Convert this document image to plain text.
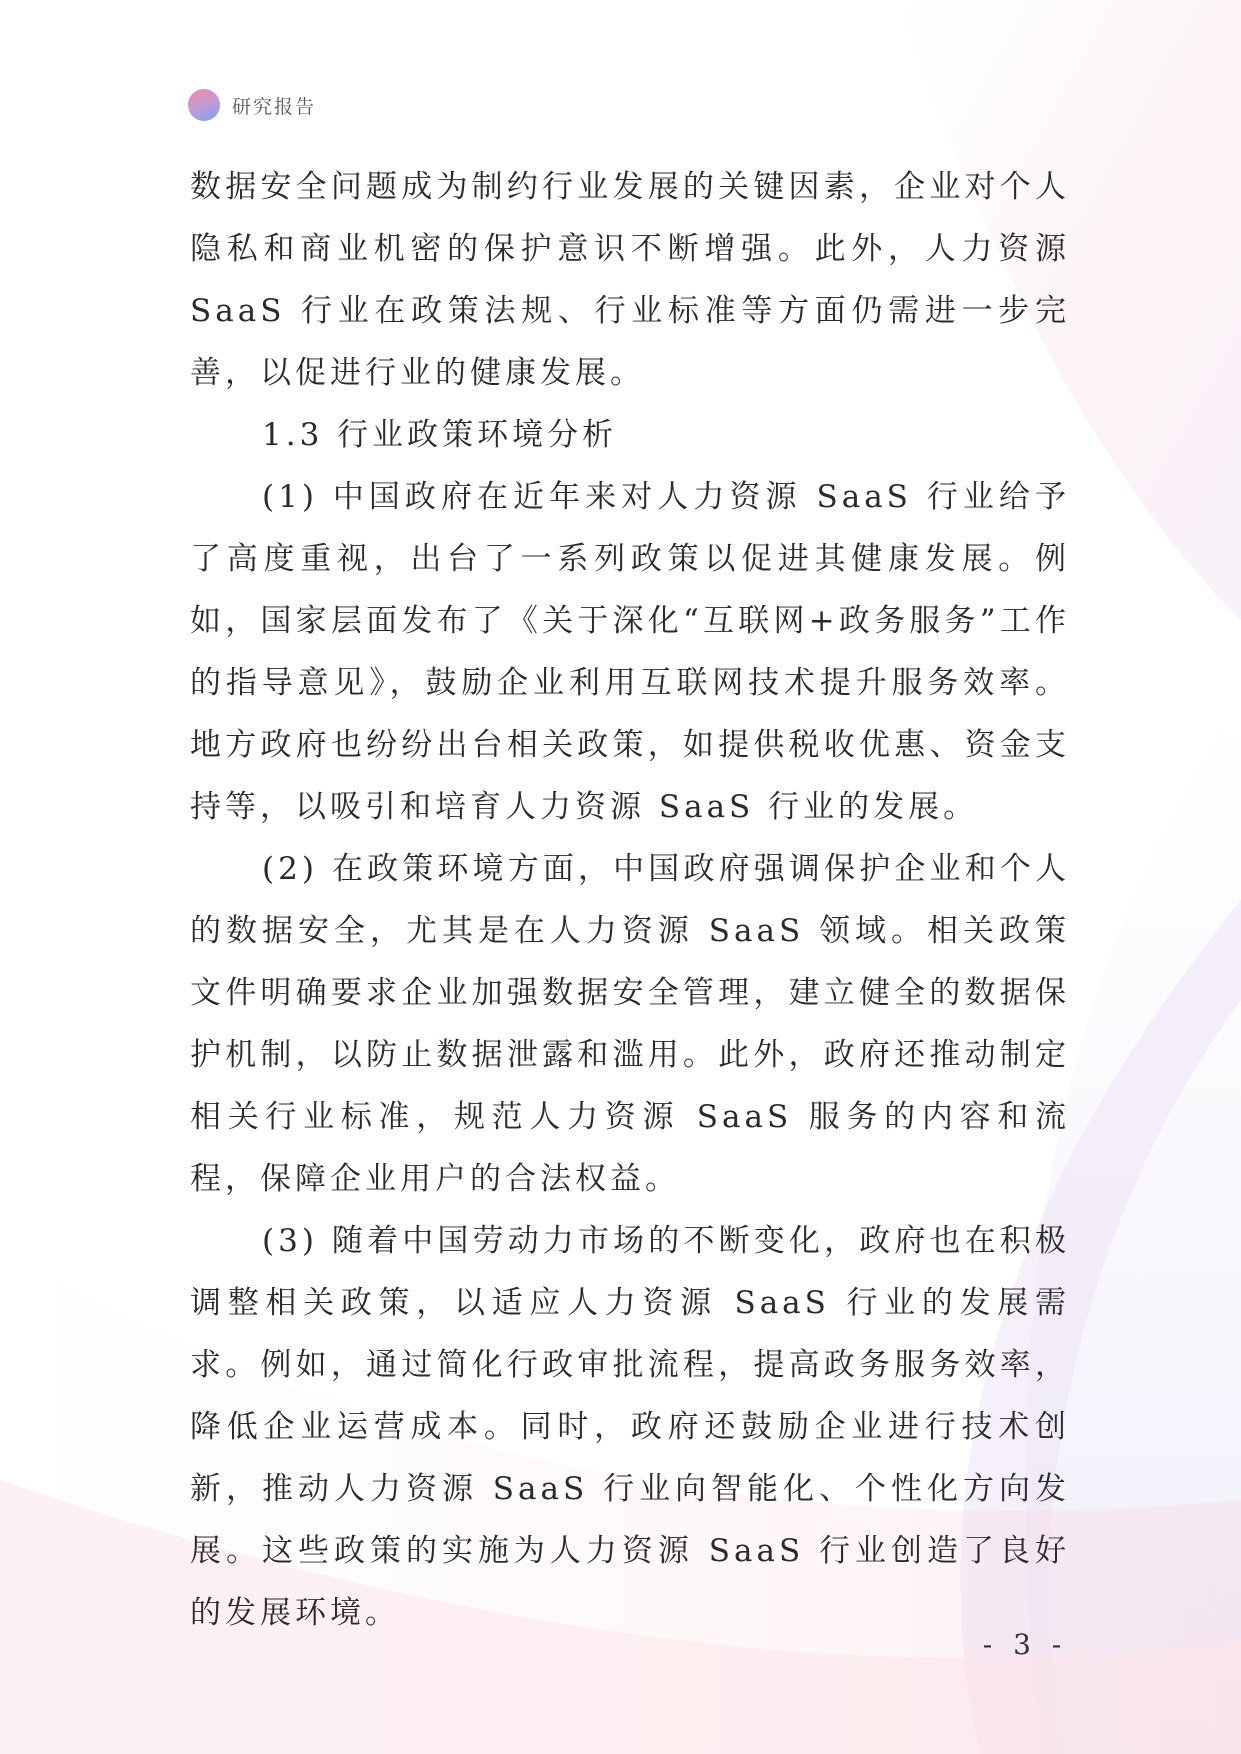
研究报告

数据安全问题成为制约行业发展的关键因素，企业对个人隐私和商业机密的保护意识不断增强。此外，人力资源 SaaS 行业在政策法规、行业标准等方面仍需进一步完善，以促进行业的健康发展。

1.3 行业政策环境分析

(1) 中国政府在近年来对人力资源 SaaS 行业给予了高度重视，出台了一系列政策以促进其健康发展。例如，国家层面发布了《关于深化“互联网+政务服务”工作的指导意见》，鼓励企业利用互联网技术提升服务效率。地方政府也纷纷出台相关政策，如提供税收优惠、资金支持等，以吸引和培育人力资源 SaaS 行业的发展。

(2) 在政策环境方面，中国政府强调保护企业和个人的数据安全，尤其是在人力资源 SaaS 领域。相关政策文件明确要求企业加强数据安全管理，建立健全的数据保护机制，以防止数据泄露和滥用。此外，政府还推动制定相关行业标准，规范人力资源 SaaS 服务的内容和流程，保障企业用户的合法权益。

(3) 随着中国劳动力市场的不断变化，政府也在积极调整相关政策，以适应人力资源 SaaS 行业的发展需求。例如，通过简化行政审批流程，提高政务服务效率，降低企业运营成本。同时，政府还鼓励企业进行技术创新，推动人力资源 SaaS 行业向智能化、个性化方向发展。这些政策的实施为人力资源 SaaS 行业创造了良好的发展环境。

- 3 -
